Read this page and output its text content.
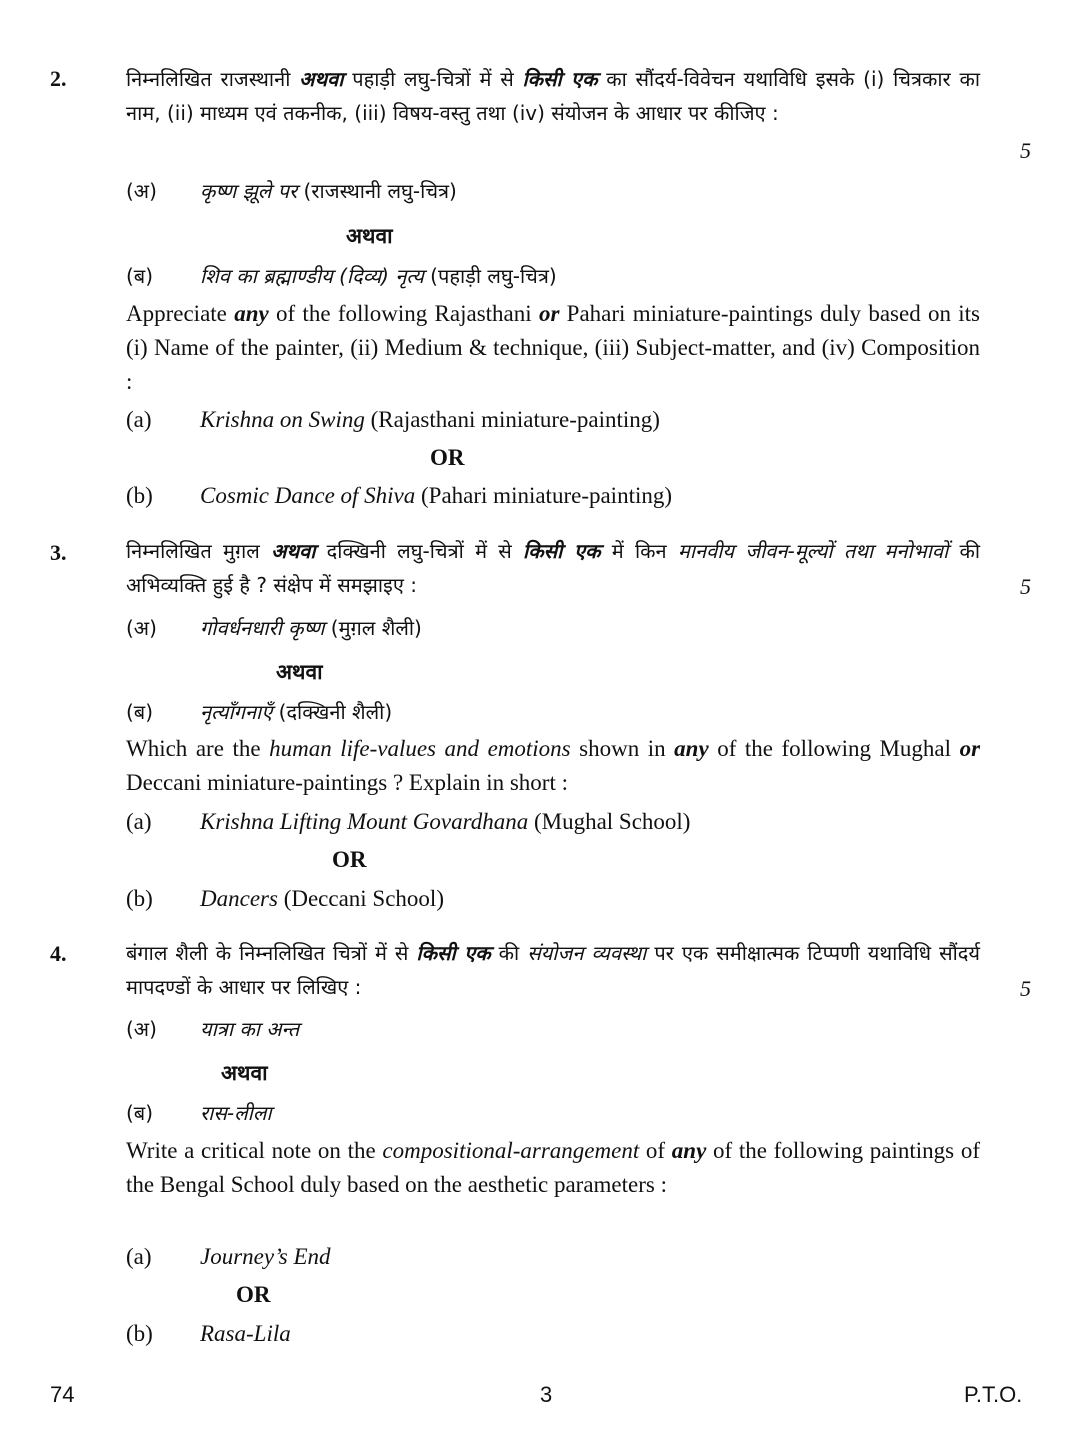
2.	निम्नलिखित राजस्थानी अथवा पहाड़ी लघु-चित्रों में से किसी एक का सौंदर्य-विवेचन यथाविधि इसके (i) चित्रकार का नाम, (ii) माध्यम एवं तकनीक, (iii) विषय-वस्तु तथा (iv) संयोजन के आधार पर कीजिए :
5
(अ) कृष्ण झूले पर (राजस्थानी लघु-चित्र)
अथवा
(ब) शिव का ब्रह्माण्डीय (दिव्य) नृत्य (पहाड़ी लघु-चित्र)
Appreciate any of the following Rajasthani or Pahari miniature-paintings duly based on its (i) Name of the painter, (ii) Medium & technique, (iii) Subject-matter, and (iv) Composition :
(a) Krishna on Swing (Rajasthani miniature-painting)
OR
(b) Cosmic Dance of Shiva (Pahari miniature-painting)
3.	निम्नलिखित मुग़ल अथवा दक्खिनी लघु-चित्रों में से किसी एक में किन मानवीय जीवन-मूल्यों तथा मनोभावों की अभिव्यक्ति हुई है ? संक्षेप में समझाइए :	5
(अ) गोवर्धनधारी कृष्ण (मुग़ल शैली)
अथवा
(ब) नृत्याँगनाएँ (दक्खिनी शैली)
Which are the human life-values and emotions shown in any of the following Mughal or Deccani miniature-paintings ? Explain in short :
(a) Krishna Lifting Mount Govardhana (Mughal School)
OR
(b) Dancers (Deccani School)
4.	बंगाल शैली के निम्नलिखित चित्रों में से किसी एक की संयोजन व्यवस्था पर एक समीक्षात्मक टिप्पणी यथाविधि सौंदर्य मापदण्डों के आधार पर लिखिए :	5
(अ) यात्रा का अन्त
अथवा
(ब) रास-लीला
Write a critical note on the compositional-arrangement of any of the following paintings of the Bengal School duly based on the aesthetic parameters :
(a) Journey’s End
OR
(b) Rasa-Lila
74	3	P.T.O.
